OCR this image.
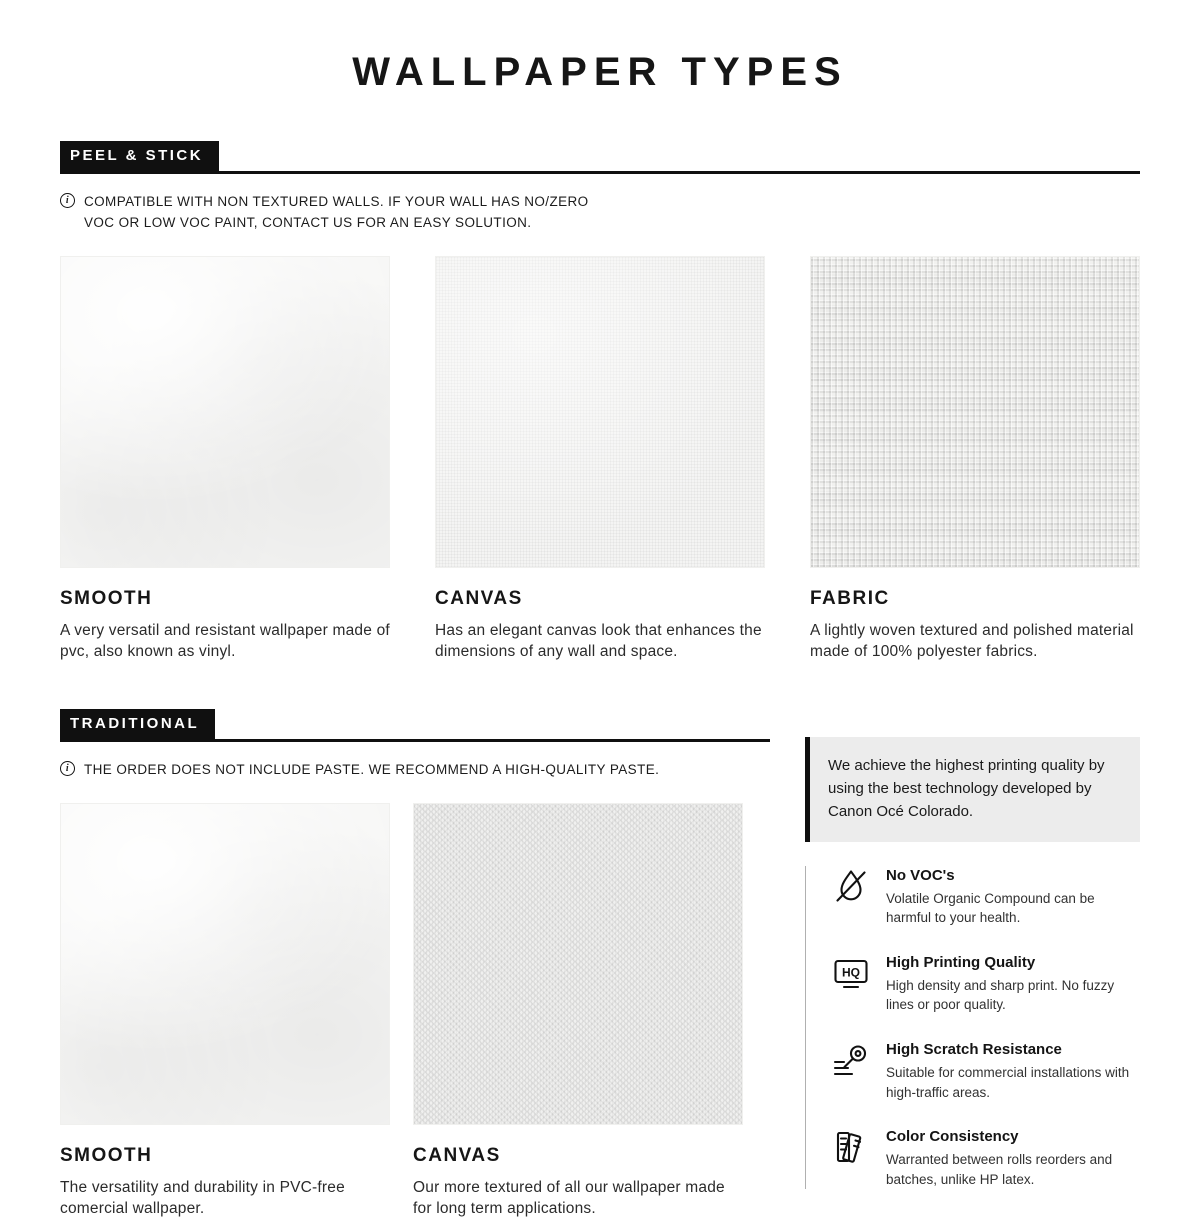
WALLPAPER TYPES
PEEL & STICK
i	COMPATIBLE WITH NON TEXTURED WALLS. IF YOUR WALL HAS NO/ZERO
VOC OR LOW VOC PAINT, CONTACT US FOR AN EASY SOLUTION.
SMOOTH

A very versatil and resistant wallpaper made of pvc, also known as vinyl.

CANVAS

Has an elegant canvas look that enhances the dimensions of any wall and space.

FABRIC

A lightly woven textured and polished material made of 100% polyester fabrics.

TRADITIONAL
i	THE ORDER DOES NOT INCLUDE PASTE. WE RECOMMEND A HIGH-QUALITY PASTE.
SMOOTH

The versatility and durability in PVC-free comercial wallpaper.

CANVAS

Our more textured of all our wallpaper made for long term applications.

We achieve the highest printing quality by using the best technology developed by Canon Océ Colorado.
No VOC's

Volatile Organic Compound can be harmful to your health.

HQ
High Printing Quality

High density and sharp print. No fuzzy lines or poor quality.

High Scratch Resistance

Suitable for commercial installations with high-traffic areas.

Color Consistency

Warranted between rolls reorders and batches, unlike HP latex.
